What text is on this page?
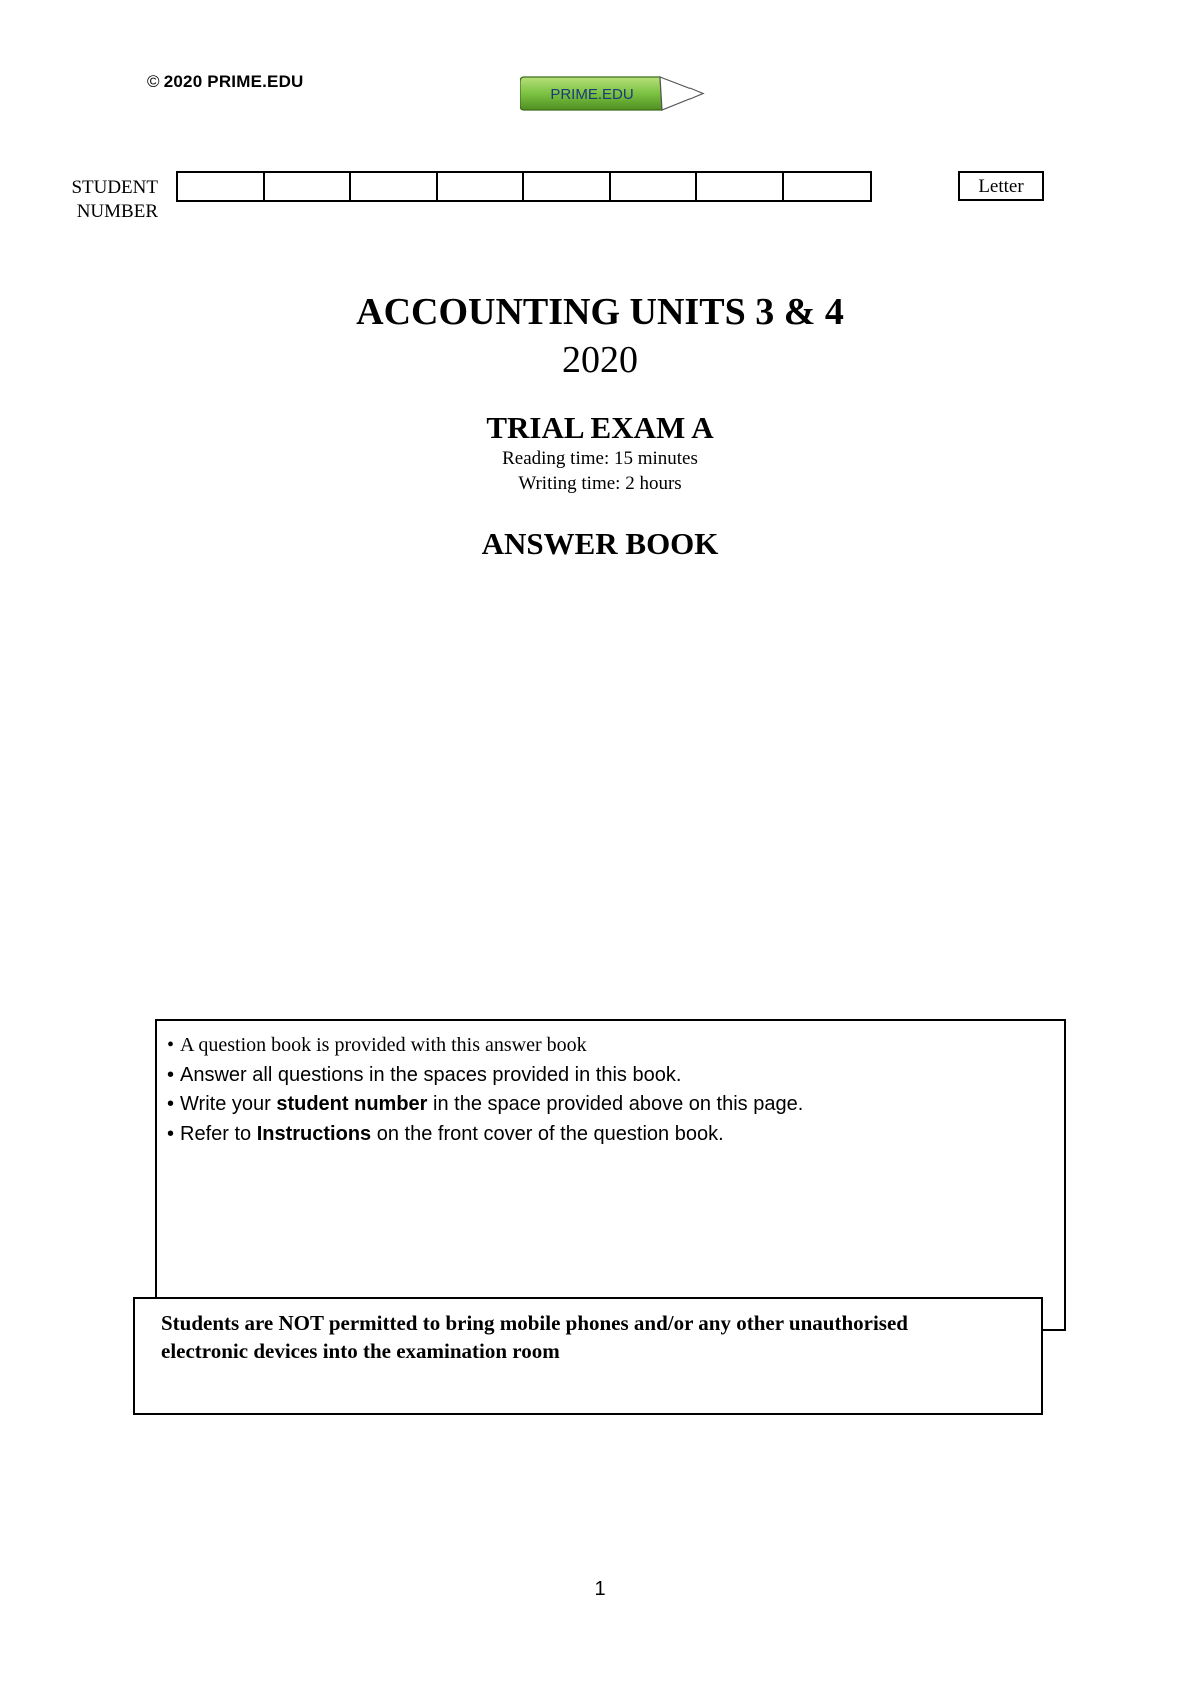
© 2020 PRIME.EDU
PRIME.EDU
STUDENT
NUMBER
Letter
ACCOUNTING UNITS 3 & 4
2020
TRIAL EXAM A
Reading time: 15 minutes
Writing time: 2 hours
ANSWER BOOK
• A question book is provided with this answer book
• Answer all questions in the spaces provided in this book.
• Write your student number in the space provided above on this page.
• Refer to Instructions on the front cover of the question book.
Students are NOT permitted to bring mobile phones and/or any other unauthorised
electronic devices into the examination room
1
